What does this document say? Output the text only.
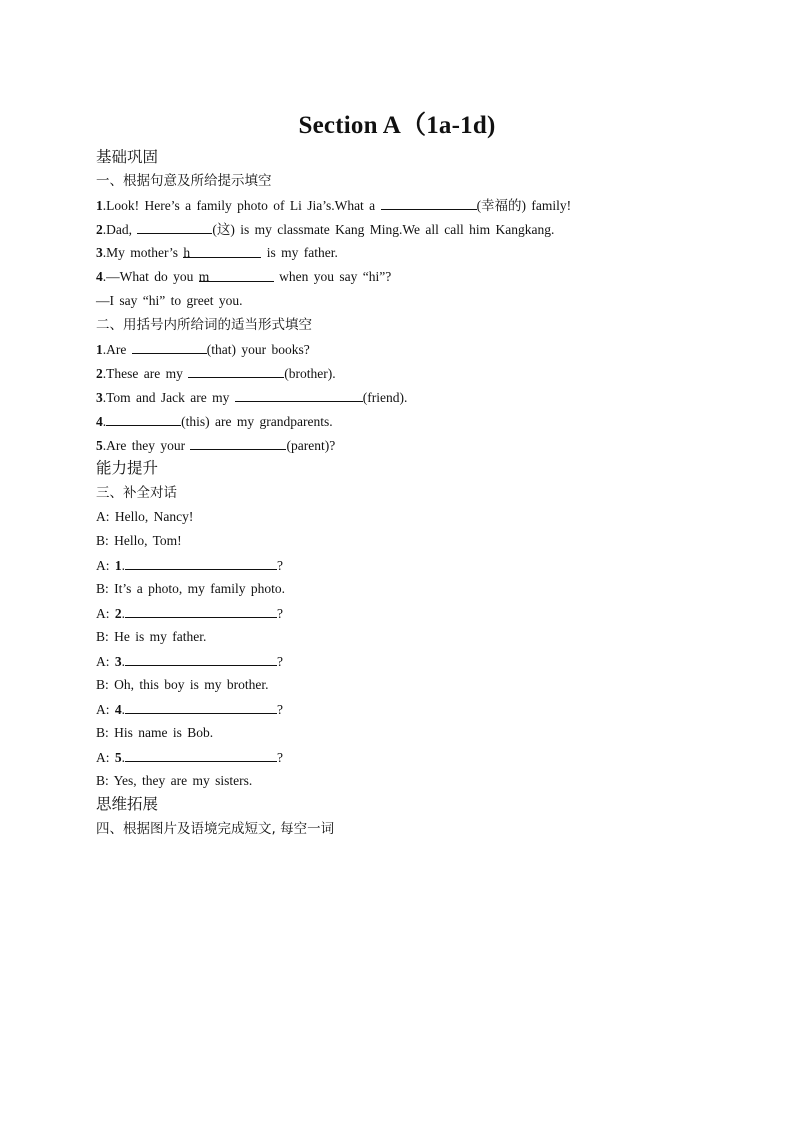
Section A（1a-1d)
基础巩固
一、根据句意及所给提示填空
1.Look! Here’s a family photo of Li Jia’s.What a	(幸福的) family!
2.Dad,	(这) is my classmate Kang Ming.We all call him Kangkang.
3.My mother’s h	is my father.
4.—What do you m	when you say “hi”?
—I say “hi” to greet you.
二、用括号内所给词的适当形式填空
1.Are	(that) your books?
2.These are my	(brother).
3.Tom and Jack are my	(friend).
4.	(this) are my grandparents.
5.Are they your	(parent)?
能力提升
三、补全对话
A: Hello, Nancy!
B: Hello, Tom!
A: 1.	?
B: It’s a photo, my family photo.
A: 2.	?
B: He is my father.
A: 3.	?
B: Oh, this boy is my brother.
A: 4.	?
B: His name is Bob.
A: 5.	?
B: Yes, they are my sisters.
思维拓展
四、根据图片及语境完成短文, 每空一词
